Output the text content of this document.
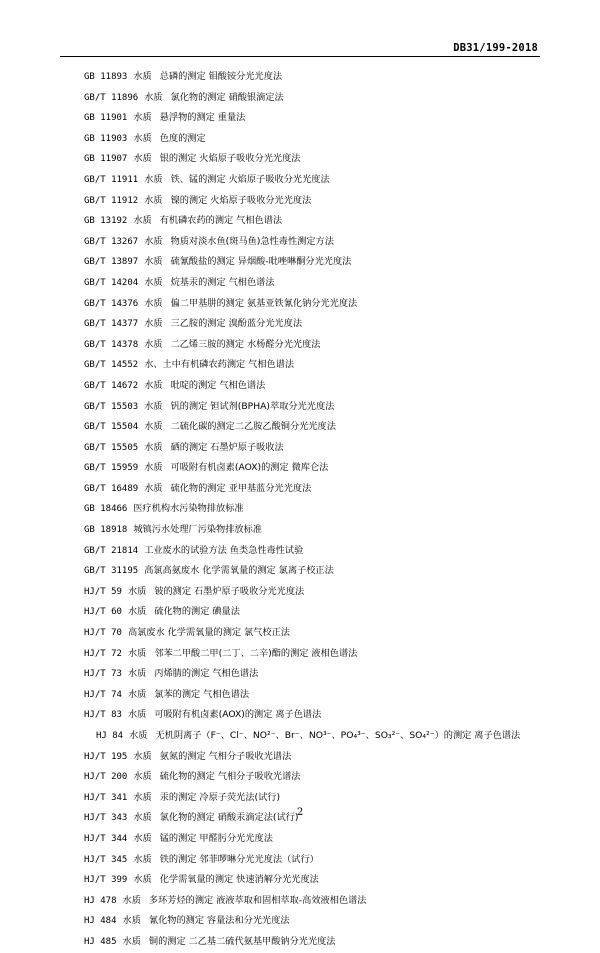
DB31/199-2018
GB 11893 水质 总磷的测定 钼酸铵分光光度法
GB/T 11896 水质 氯化物的测定 硝酸银滴定法
GB 11901 水质 悬浮物的测定 重量法
GB 11903 水质 色度的测定
GB 11907 水质 银的测定 火焰原子吸收分光光度法
GB/T 11911 水质 铁、锰的测定 火焰原子吸收分光光度法
GB/T 11912 水质 镍的测定 火焰原子吸收分光光度法
GB 13192 水质 有机磷农药的测定 气相色谱法
GB/T 13267 水质 物质对淡水鱼(斑马鱼)急性毒性测定方法
GB/T 13897 水质 硫氰酸盐的测定 异烟酸-吡唑啉酮分光光度法
GB/T 14204 水质 烷基汞的测定 气相色谱法
GB/T 14376 水质 偏二甲基肼的测定 氨基亚铁氰化钠分光光度法
GB/T 14377 水质 三乙胺的测定 溴酚蓝分光光度法
GB/T 14378 水质 二乙烯三胺的测定 水杨醛分光光度法
GB/T 14552 水、土中有机磷农药测定 气相色谱法
GB/T 14672 水质 吡啶的测定 气相色谱法
GB/T 15503 水质 钒的测定 钽试剂(BPHA)萃取分光光度法
GB/T 15504 水质 二硫化碳的测定二乙胺乙酸铜分光光度法
GB/T 15505 水质 硒的测定 石墨炉原子吸收法
GB/T 15959 水质 可吸附有机卤素(AOX)的测定 微库仑法
GB/T 16489 水质 硫化物的测定 亚甲基蓝分光光度法
GB 18466 医疗机构水污染物排放标准
GB 18918 城镇污水处理厂污染物排放标准
GB/T 21814 工业废水的试验方法 鱼类急性毒性试验
GB/T 31195 高氯高氨废水 化学需氧量的测定 氯离子校正法
HJ/T 59 水质 铍的测定 石墨炉原子吸收分光光度法
HJ/T 60 水质 硫化物的测定 碘量法
HJ/T 70 高氯废水 化学需氧量的测定 氯气校正法
HJ/T 72 水质 邻苯二甲酸二甲(二丁、二辛)酯的测定 液相色谱法
HJ/T 73 水质 丙烯腈的测定 气相色谱法
HJ/T 74 水质 氯苯的测定 气相色谱法
HJ/T 83 水质 可吸附有机卤素(AOX)的测定 离子色谱法
HJ 84 水质 无机阴离子（F⁻、Cl⁻、NO²⁻、Br⁻、NO³⁻、PO₄³⁻、SO₃²⁻、SO₄²⁻）的测定 离子色谱法
HJ/T 195 水质 氨氮的测定 气相分子吸收光谱法
HJ/T 200 水质 硫化物的测定 气相分子吸收光谱法
HJ/T 341 水质 汞的测定 冷原子荧光法(试行)
HJ/T 343 水质 氯化物的测定 硝酸汞滴定法(试行)
HJ/T 344 水质 锰的测定 甲醛肟分光光度法
HJ/T 345 水质 铁的测定 邻菲啰啉分光光度法（试行）
HJ/T 399 水质 化学需氧量的测定 快速消解分光光度法
HJ 478 水质 多环芳烃的测定 液液萃取和固相萃取-高效液相色谱法
HJ 484 水质 氰化物的测定 容量法和分光光度法
HJ 485 水质 铜的测定 二乙基二硫代氨基甲酸钠分光光度法
2
